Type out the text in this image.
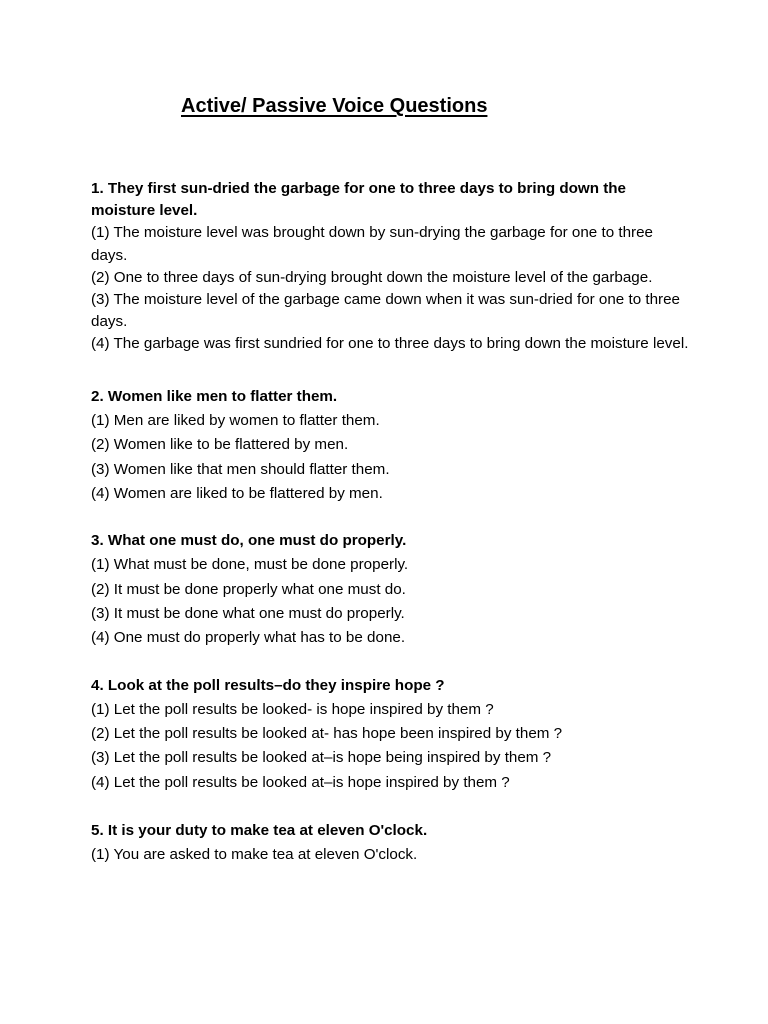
Active/ Passive Voice Questions

1. They first sun-dried the garbage for one to three days to bring down the moisture level.

(1) The moisture level was brought down by sun-drying the garbage for one to three days.

(2) One to three days of sun-drying brought down the moisture level of the garbage.

(3) The moisture level of the garbage came down when it was sun-dried for one to three days.

(4) The garbage was first sundried for one to three days to bring down the moisture level.

2. Women like men to flatter them.

(1) Men are liked by women to flatter them.

(2) Women like to be flattered by men.

(3) Women like that men should flatter them.

(4) Women are liked to be flattered by men.

3. What one must do, one must do properly.

(1) What must be done, must be done properly.

(2) It must be done properly what one must do.

(3) It must be done what one must do properly.

(4) One must do properly what has to be done.

4. Look at the poll results–do they inspire hope ?

(1) Let the poll results be looked- is hope inspired by them ?

(2) Let the poll results be looked at- has hope been inspired by them ?

(3) Let the poll results be looked at–is hope being inspired by them ?

(4) Let the poll results be looked at–is hope inspired by them ?

5. It is your duty to make tea at eleven O'clock.

(1) You are asked to make tea at eleven O'clock.
